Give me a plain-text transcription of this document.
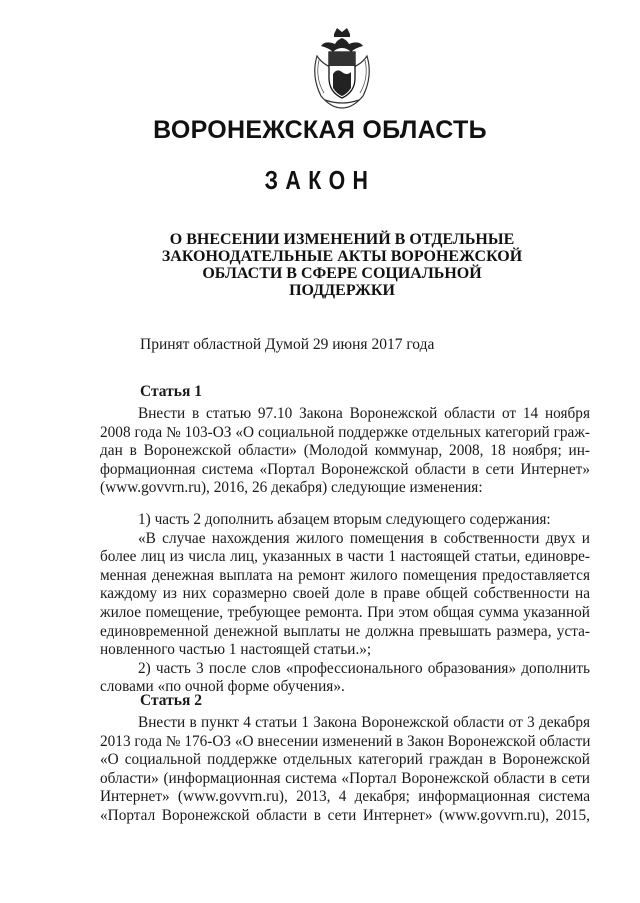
ВОРОНЕЖСКАЯ ОБЛАСТЬ
ЗАКОН
О ВНЕСЕНИИ ИЗМЕНЕНИЙ В ОТДЕЛЬНЫЕ
ЗАКОНОДАТЕЛЬНЫЕ АКТЫ ВОРОНЕЖСКОЙ
ОБЛАСТИ В СФЕРЕ СОЦИАЛЬНОЙ
ПОДДЕРЖКИ
Принят областной Думой 29 июня 2017 года
Статья 1
Внести в статью 97.10 Закона Воронежской области от 14 ноября
2008 года № 103-ОЗ «О социальной поддержке отдельных категорий граж-
дан в Воронежской области» (Молодой коммунар, 2008, 18 ноября; ин-
формационная система «Портал Воронежской области в сети Интернет»
(www.govvrn.ru), 2016, 26 декабря) следующие изменения:
1) часть 2 дополнить абзацем вторым следующего содержания:
«В случае нахождения жилого помещения в собственности двух и
более лиц из числа лиц, указанных в части 1 настоящей статьи, единовре-
менная денежная выплата на ремонт жилого помещения предоставляется
каждому из них соразмерно своей доле в праве общей собственности на
жилое помещение, требующее ремонта. При этом общая сумма указанной
единовременной денежной выплаты не должна превышать размера, уста-
новленного частью 1 настоящей статьи.»;
2) часть 3 после слов «профессионального образования» дополнить
словами «по очной форме обучения».
Статья 2
Внести в пункт 4 статьи 1 Закона Воронежской области от 3 декабря
2013 года № 176-ОЗ «О внесении изменений в Закон Воронежской области
«О социальной поддержке отдельных категорий граждан в Воронежской
области» (информационная система «Портал Воронежской области в сети
Интернет» (www.govvrn.ru), 2013, 4 декабря; информационная система
«Портал Воронежской области в сети Интернет» (www.govvrn.ru), 2015,
